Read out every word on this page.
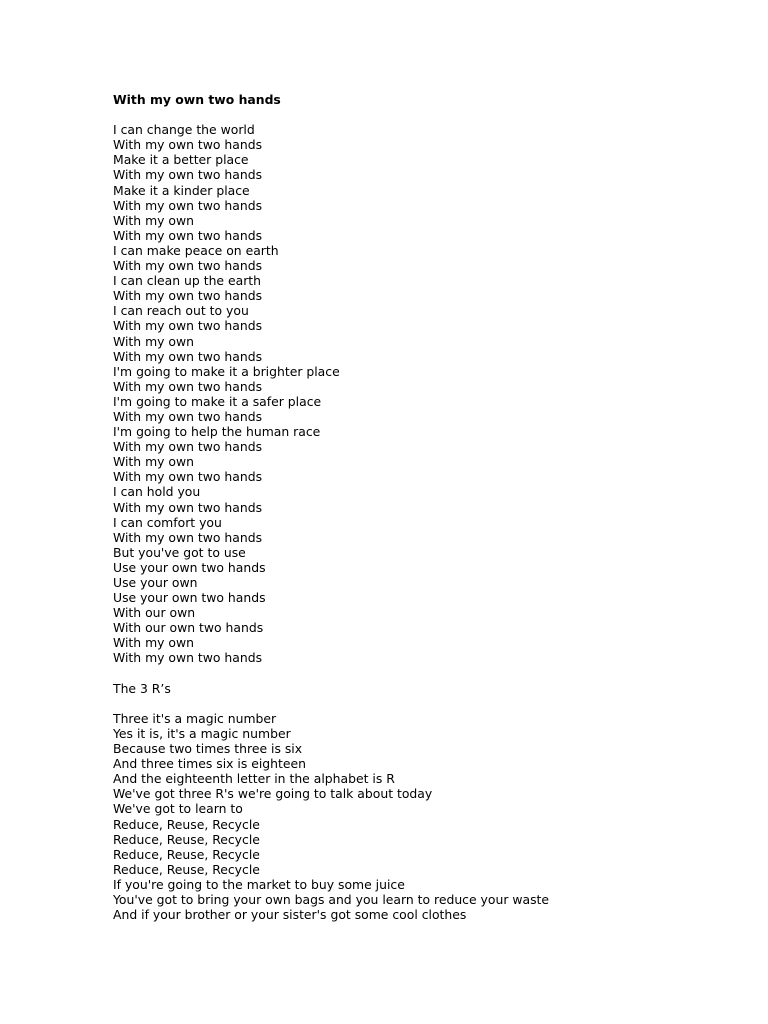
With my own two hands
I can change the world
With my own two hands
Make it a better place
With my own two hands
Make it a kinder place
With my own two hands
With my own
With my own two hands
I can make peace on earth
With my own two hands
I can clean up the earth
With my own two hands
I can reach out to you
With my own two hands
With my own
With my own two hands
I'm going to make it a brighter place
With my own two hands
I'm going to make it a safer place
With my own two hands
I'm going to help the human race
With my own two hands
With my own
With my own two hands
I can hold you
With my own two hands
I can comfort you
With my own two hands
But you've got to use
Use your own two hands
Use your own
Use your own two hands
With our own
With our own two hands
With my own
With my own two hands
The 3 R’s
Three it's a magic number
Yes it is, it's a magic number
Because two times three is six
And three times six is eighteen
And the eighteenth letter in the alphabet is R
We've got three R's we're going to talk about today
We've got to learn to
Reduce, Reuse, Recycle
Reduce, Reuse, Recycle
Reduce, Reuse, Recycle
Reduce, Reuse, Recycle
If you're going to the market to buy some juice
You've got to bring your own bags and you learn to reduce your waste
And if your brother or your sister's got some cool clothes
